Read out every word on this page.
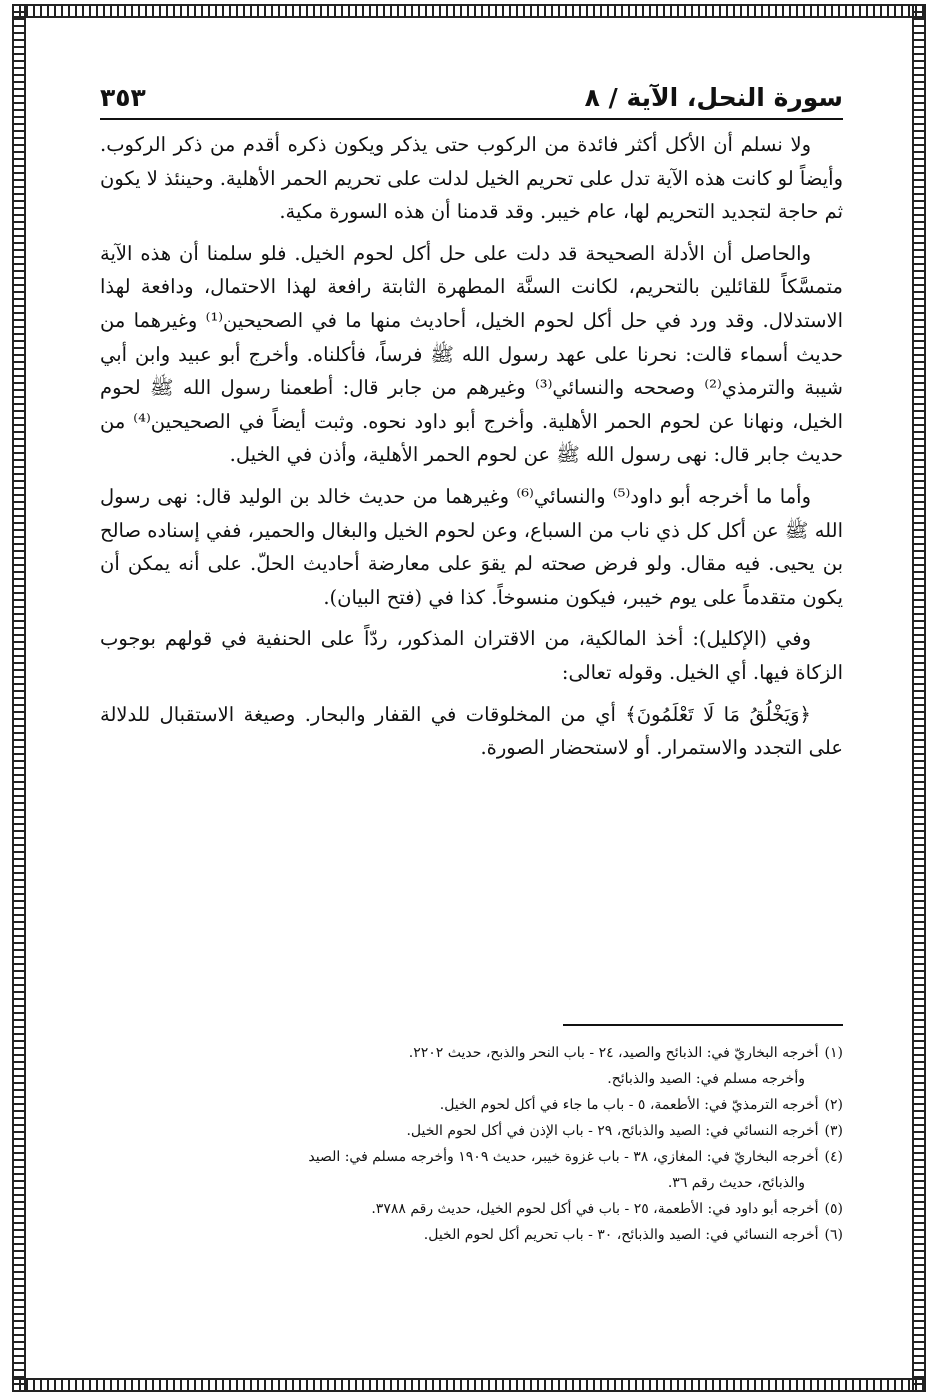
سورة النحل، الآية / ٨
٣٥٣

ولا نسلم أن الأكل أكثر فائدة من الركوب حتى يذكر ويكون ذكره أقدم من ذكر الركوب. وأيضاً لو كانت هذه الآية تدل على تحريم الخيل لدلت على تحريم الحمر الأهلية. وحينئذ لا يكون ثم حاجة لتجديد التحريم لها، عام خيبر. وقد قدمنا أن هذه السورة مكية.

والحاصل أن الأدلة الصحيحة قد دلت على حل أكل لحوم الخيل. فلو سلمنا أن هذه الآية متمسَّكاً للقائلين بالتحريم، لكانت السنَّة المطهرة الثابتة رافعة لهذا الاحتمال، ودافعة لهذا الاستدلال. وقد ورد في حل أكل لحوم الخيل، أحاديث منها ما في الصحيحين⁽¹⁾ وغيرهما من حديث أسماء قالت: نحرنا على عهد رسول الله ﷺ فرساً، فأكلناه. وأخرج أبو عبيد وابن أبي شيبة والترمذي⁽²⁾ وصححه والنسائي⁽³⁾ وغيرهم من جابر قال: أطعمنا رسول الله ﷺ لحوم الخيل، ونهانا عن لحوم الحمر الأهلية. وأخرج أبو داود نحوه. وثبت أيضاً في الصحيحين⁽⁴⁾ من حديث جابر قال: نهى رسول الله ﷺ عن لحوم الحمر الأهلية، وأذن في الخيل.

وأما ما أخرجه أبو داود⁽⁵⁾ والنسائي⁽⁶⁾ وغيرهما من حديث خالد بن الوليد قال: نهى رسول الله ﷺ عن أكل كل ذي ناب من السباع، وعن لحوم الخيل والبغال والحمير، ففي إسناده صالح بن يحيى. فيه مقال. ولو فرض صحته لم يقوَ على معارضة أحاديث الحلّ. على أنه يمكن أن يكون متقدماً على يوم خيبر، فيكون منسوخاً. كذا في (فتح البيان).

وفي (الإكليل): أخذ المالكية، من الاقتران المذكور، ردّاً على الحنفية في قولهم بوجوب الزكاة فيها. أي الخيل. وقوله تعالى:

﴿وَيَخْلُقُ مَا لَا تَعْلَمُونَ﴾ أي من المخلوقات في القفار والبحار. وصيغة الاستقبال للدلالة على التجدد والاستمرار. أو لاستحضار الصورة.

(١)أخرجه البخاريّ في: الذبائح والصيد، ٢٤ - باب النحر والذبح، حديث ٢٢٠٢.
وأخرجه مسلم في: الصيد والذبائح.

(٢)أخرجه الترمذيّ في: الأطعمة، ٥ - باب ما جاء في أكل لحوم الخيل.

(٣)أخرجه النسائي في: الصيد والذبائح، ٢٩ - باب الإذن في أكل لحوم الخيل.

(٤)أخرجه البخاريّ في: المغازي، ٣٨ - باب غزوة خيبر، حديث ١٩٠٩ وأخرجه مسلم في: الصيد
والذبائح، حديث رقم ٣٦.

(٥)أخرجه أبو داود في: الأطعمة، ٢٥ - باب في أكل لحوم الخيل، حديث رقم ٣٧٨٨.

(٦)أخرجه النسائي في: الصيد والذبائح، ٣٠ - باب تحريم أكل لحوم الخيل.
